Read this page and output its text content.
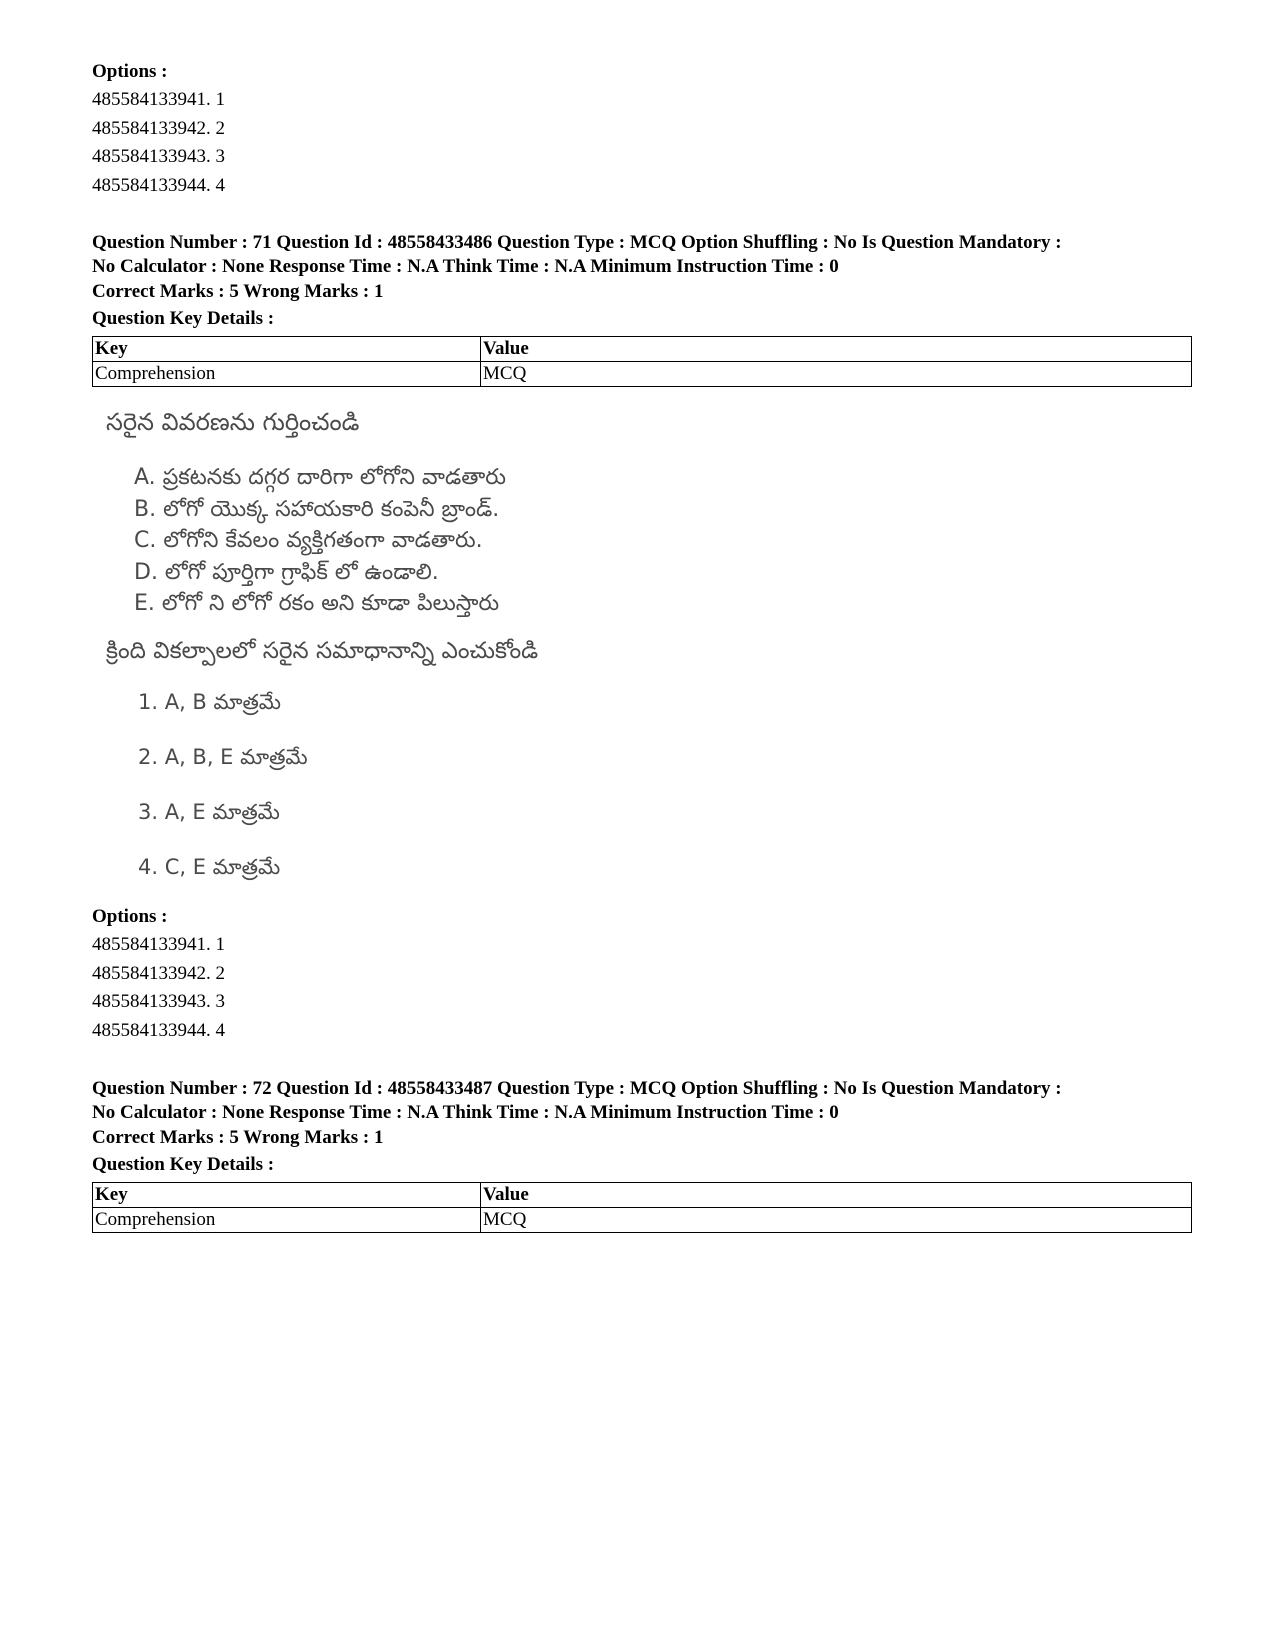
Options :
485584133941. 1
485584133942. 2
485584133943. 3
485584133944. 4
Question Number : 71 Question Id : 48558433486 Question Type : MCQ Option Shuffling : No Is Question Mandatory :
No Calculator : None Response Time : N.A Think Time : N.A Minimum Instruction Time : 0
Correct Marks : 5 Wrong Marks : 1
Question Key Details :
Key	Value
Comprehension	MCQ
సరైన వివరణను గుర్తించండి
A. ప్రకటనకు దగ్గర దారిగా లోగోని వాడతారు
B. లోగో యొక్క సహాయకారి కంపెనీ బ్రాండ్.
C. లోగోని కేవలం వ్యక్తిగతంగా వాడతారు.
D. లోగో పూర్తిగా గ్రాఫిక్ లో ఉండాలి.
E. లోగో ని లోగో రకం అని కూడా పిలుస్తారు
క్రింది వికల్పాలలో సరైన సమాధానాన్ని ఎంచుకోండి
1. A, B మాత్రమే
2. A, B, E మాత్రమే
3. A, E మాత్రమే
4. C, E మాత్రమే
Options :
485584133941. 1
485584133942. 2
485584133943. 3
485584133944. 4
Question Number : 72 Question Id : 48558433487 Question Type : MCQ Option Shuffling : No Is Question Mandatory :
No Calculator : None Response Time : N.A Think Time : N.A Minimum Instruction Time : 0
Correct Marks : 5 Wrong Marks : 1
Question Key Details :
Key	Value
Comprehension	MCQ
